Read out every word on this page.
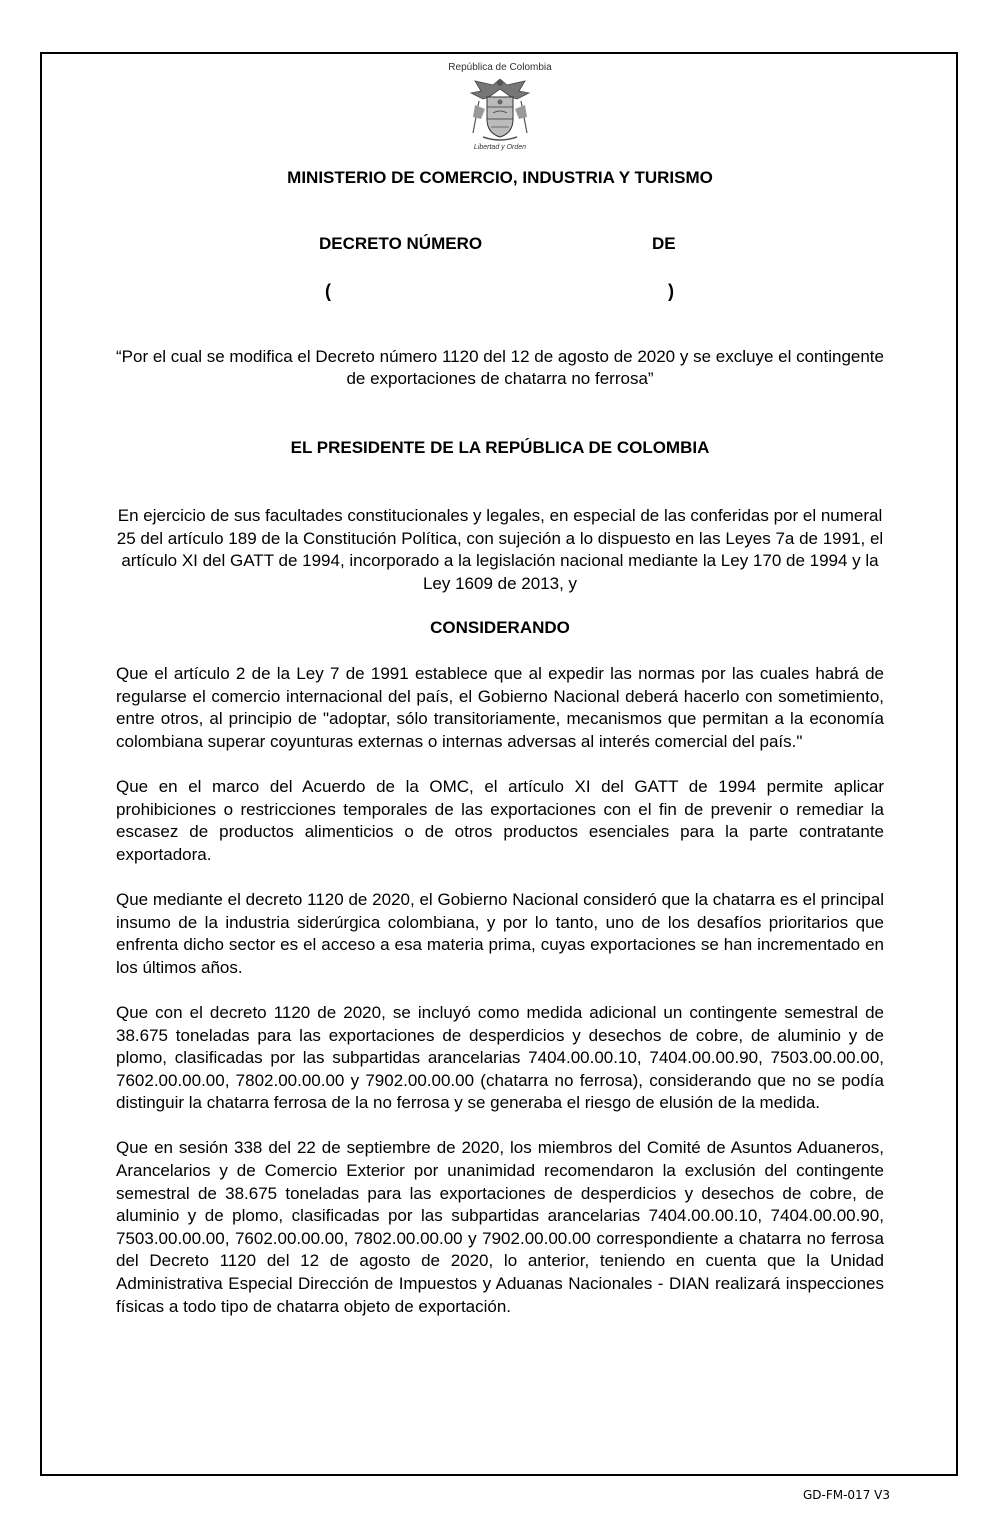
República de Colombia
Libertad y Orden
MINISTERIO DE COMERCIO, INDUSTRIA Y TURISMO
DECRETO NÚMERO	DE
(	)
“Por el cual se modifica el Decreto número 1120 del 12 de agosto de 2020 y se excluye el contingente de exportaciones de chatarra no ferrosa”
EL PRESIDENTE DE LA REPÚBLICA DE COLOMBIA
En ejercicio de sus facultades constitucionales y legales, en especial de las conferidas por el numeral 25 del artículo 189 de la Constitución Política, con sujeción a lo dispuesto en las Leyes 7a de 1991, el artículo XI del GATT de 1994, incorporado a la legislación nacional mediante la Ley 170 de 1994 y la Ley 1609 de 2013, y
CONSIDERANDO

Que el artículo 2 de la Ley 7 de 1991 establece que al expedir las normas por las cuales habrá de regularse el comercio internacional del país, el Gobierno Nacional deberá hacerlo con sometimiento, entre otros, al principio de "adoptar, sólo transitoriamente, mecanismos que permitan a la economía colombiana superar coyunturas externas o internas adversas al interés comercial del país."

Que en el marco del Acuerdo de la OMC, el artículo XI del GATT de 1994 permite aplicar prohibiciones o restricciones temporales de las exportaciones con el fin de prevenir o remediar la escasez de productos alimenticios o de otros productos esenciales para la parte contratante exportadora.

Que mediante el decreto 1120 de 2020, el Gobierno Nacional consideró que la chatarra es el principal insumo de la industria siderúrgica colombiana, y por lo tanto, uno de los desafíos prioritarios que enfrenta dicho sector es el acceso a esa materia prima, cuyas exportaciones se han incrementado en los últimos años.

Que con el decreto 1120 de 2020, se incluyó como medida adicional un contingente semestral de 38.675 toneladas para las exportaciones de desperdicios y desechos de cobre, de aluminio y de plomo, clasificadas por las subpartidas arancelarias 7404.00.00.10, 7404.00.00.90, 7503.00.00.00, 7602.00.00.00, 7802.00.00.00 y 7902.00.00.00 (chatarra no ferrosa), considerando que no se podía distinguir la chatarra ferrosa de la no ferrosa y se generaba el riesgo de elusión de la medida.

Que en sesión 338 del 22 de septiembre de 2020, los miembros del Comité de Asuntos Aduaneros, Arancelarios y de Comercio Exterior por unanimidad recomendaron la exclusión del contingente semestral de 38.675 toneladas para las exportaciones de desperdicios y desechos de cobre, de aluminio y de plomo, clasificadas por las subpartidas arancelarias 7404.00.00.10, 7404.00.00.90, 7503.00.00.00, 7602.00.00.00, 7802.00.00.00 y 7902.00.00.00 correspondiente a chatarra no ferrosa del Decreto 1120 del 12 de agosto de 2020, lo anterior, teniendo en cuenta que la Unidad Administrativa Especial Dirección de Impuestos y Aduanas Nacionales - DIAN realizará inspecciones físicas a todo tipo de chatarra objeto de exportación.

GD-FM-017 V3
